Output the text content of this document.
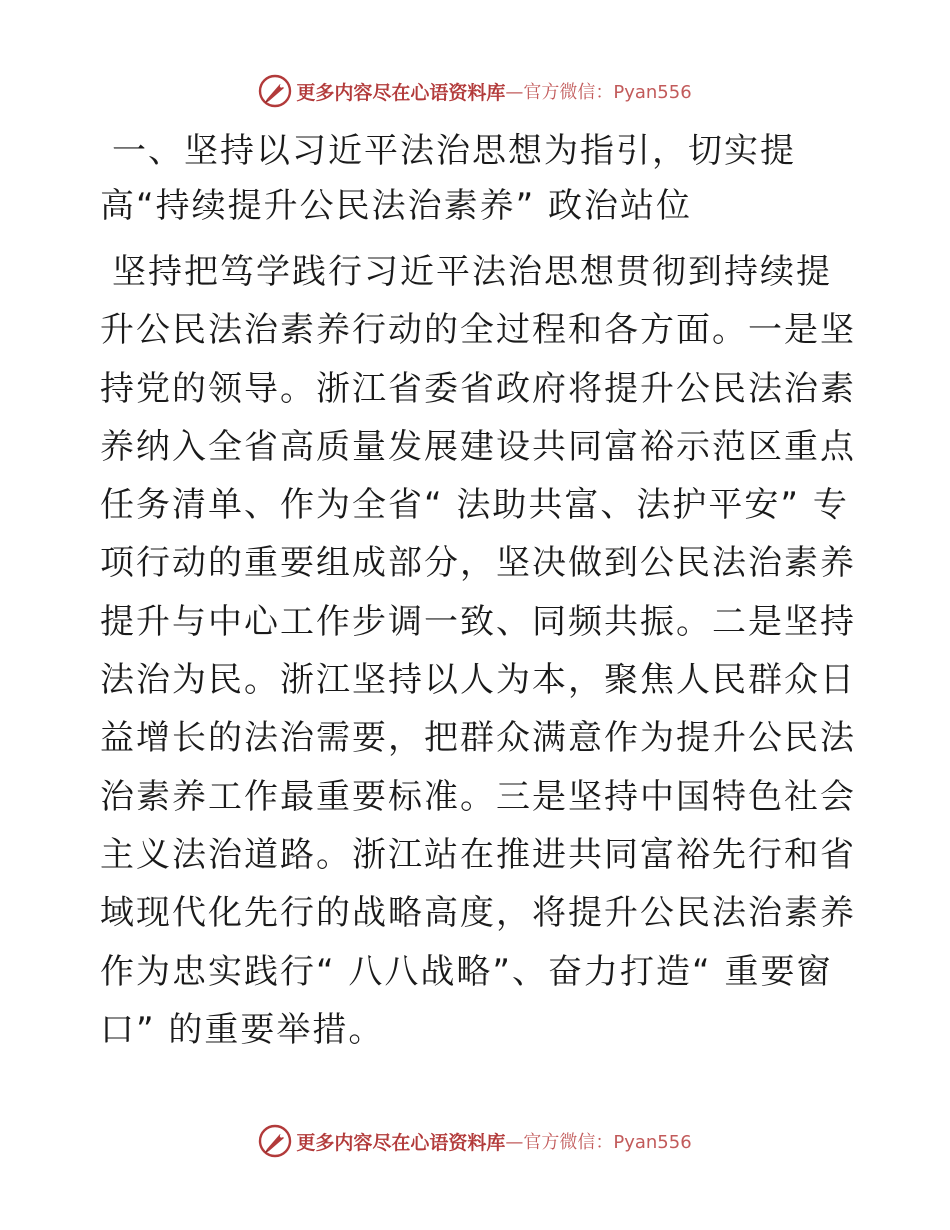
更多内容尽在心语资料库 —官方微信：Pyan556
一、坚持以习近平法治思想为指引，切实提高“持续提升公民法治素养” 政治站位

坚持把笃学践行习近平法治思想贯彻到持续提升公民法治素养行动的全过程和各方面。一是坚持党的领导。浙江省委省政府将提升公民法治素养纳入全省高质量发展建设共同富裕示范区重点任务清单、作为全省“ 法助共富、法护平安” 专项行动的重要组成部分，坚决做到公民法治素养提升与中心工作步调一致、同频共振。二是坚持法治为民。浙江坚持以人为本，聚焦人民群众日益增长的法治需要，把群众满意作为提升公民法治素养工作最重要标准。三是坚持中国特色社会主义法治道路。浙江站在推进共同富裕先行和省域现代化先行的战略高度，将提升公民法治素养作为忠实践行“ 八八战略”、奋力打造“ 重要窗口” 的重要举措。

更多内容尽在心语资料库 —官方微信：Pyan556
